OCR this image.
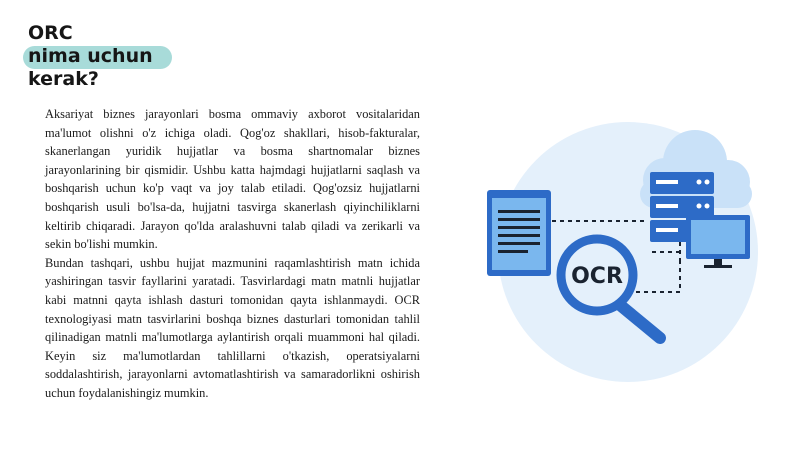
ORC
nima uchun
kerak?

Aksariyat biznes jarayonlari bosma ommaviy axborot vositalaridan ma'lumot olishni o'z ichiga oladi. Qog'oz shakllari, hisob-fakturalar, skanerlangan yuridik hujjatlar va bosma shartnomalar biznes jarayonlarining bir qismidir. Ushbu katta hajmdagi hujjatlarni saqlash va boshqarish uchun ko'p vaqt va joy talab etiladi. Qog'ozsiz hujjatlarni boshqarish usuli bo'lsa-da, hujjatni tasvirga skanerlash qiyinchiliklarni keltirib chiqaradi. Jarayon qo'lda aralashuvni talab qiladi va zerikarli va sekin bo'lishi mumkin.

Bundan tashqari, ushbu hujjat mazmunini raqamlashtirish matn ichida yashiringan tasvir fayllarini yaratadi. Tasvirlardagi matn matnli hujjatlar kabi matnni qayta ishlash dasturi tomonidan qayta ishlanmaydi. OCR texnologiyasi matn tasvirlarini boshqa biznes dasturlari tomonidan tahlil qilinadigan matnli ma'lumotlarga aylantirish orqali muammoni hal qiladi. Keyin siz ma'lumotlardan tahlillarni o'tkazish, operatsiyalarni soddalashtirish, jarayonlarni avtomatlashtirish va samaradorlikni oshirish uchun foydalanishingiz mumkin.

OCR
